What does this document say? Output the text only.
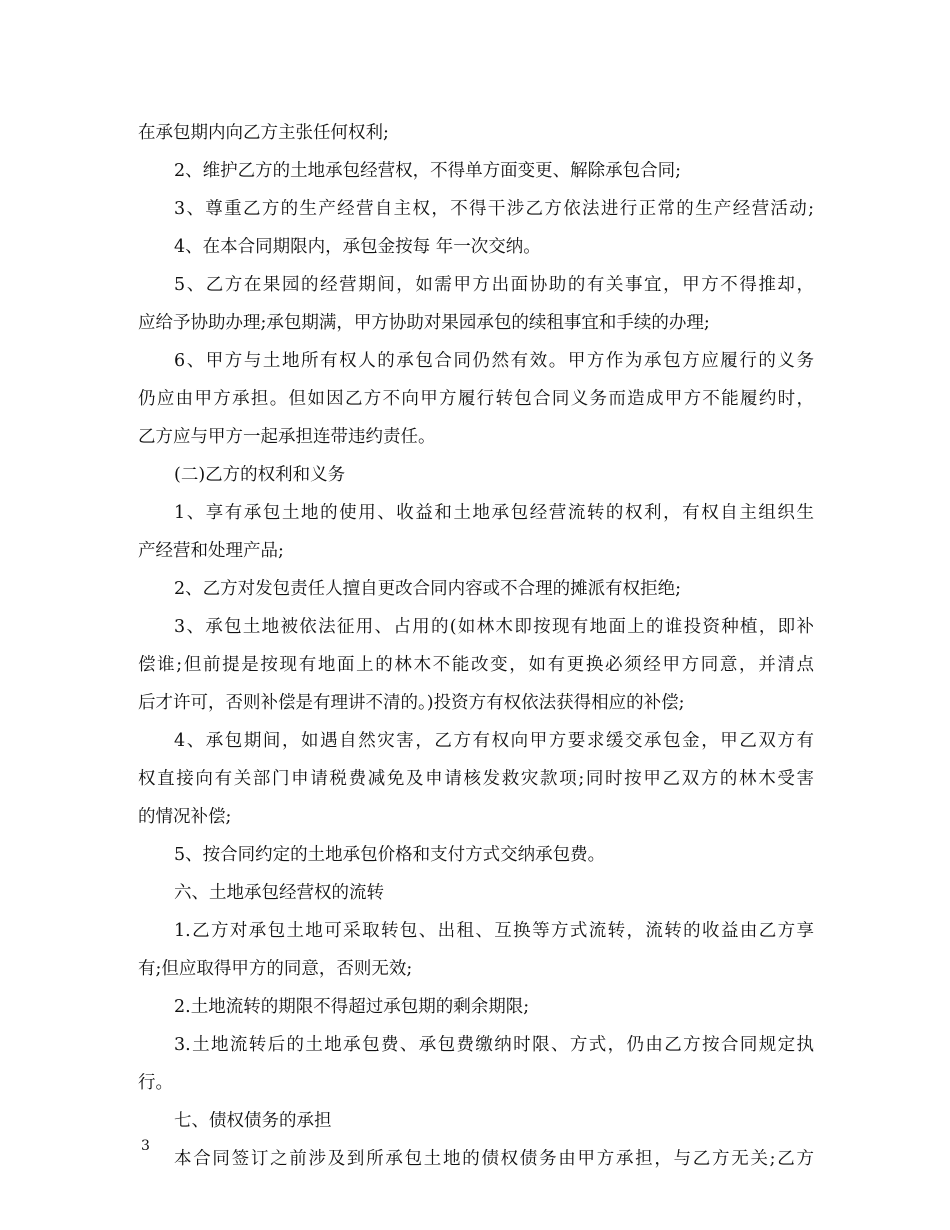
在承包期内向乙方主张任何权利;
2、维护乙方的土地承包经营权，不得单方面变更、解除承包合同;
3、尊重乙方的生产经营自主权，不得干涉乙方依法进行正常的生产经营活动;
4、在本合同期限内，承包金按每 年一次交纳。
5、乙方在果园的经营期间，如需甲方出面协助的有关事宜，甲方不得推却，
应给予协助办理;承包期满，甲方协助对果园承包的续租事宜和手续的办理;
6、甲方与土地所有权人的承包合同仍然有效。甲方作为承包方应履行的义务
仍应由甲方承担。但如因乙方不向甲方履行转包合同义务而造成甲方不能履约时，
乙方应与甲方一起承担连带违约责任。
(二)乙方的权利和义务
1、享有承包土地的使用、收益和土地承包经营流转的权利，有权自主组织生
产经营和处理产品;
2、乙方对发包责任人擅自更改合同内容或不合理的摊派有权拒绝;
3、承包土地被依法征用、占用的(如林木即按现有地面上的谁投资种植，即补
偿谁;但前提是按现有地面上的林木不能改变，如有更换必须经甲方同意，并清点
后才许可，否则补偿是有理讲不清的。)投资方有权依法获得相应的补偿;
4、承包期间，如遇自然灾害，乙方有权向甲方要求缓交承包金，甲乙双方有
权直接向有关部门申请税费减免及申请核发救灾款项;同时按甲乙双方的林木受害
的情况补偿;
5、按合同约定的土地承包价格和支付方式交纳承包费。
六、土地承包经营权的流转
1.乙方对承包土地可采取转包、出租、互换等方式流转，流转的收益由乙方享
有;但应取得甲方的同意，否则无效;
2.土地流转的期限不得超过承包期的剩余期限;
3.土地流转后的土地承包费、承包费缴纳时限、方式，仍由乙方按合同规定执
行。
七、债权债务的承担
本合同签订之前涉及到所承包土地的债权债务由甲方承担，与乙方无关;乙方
3
